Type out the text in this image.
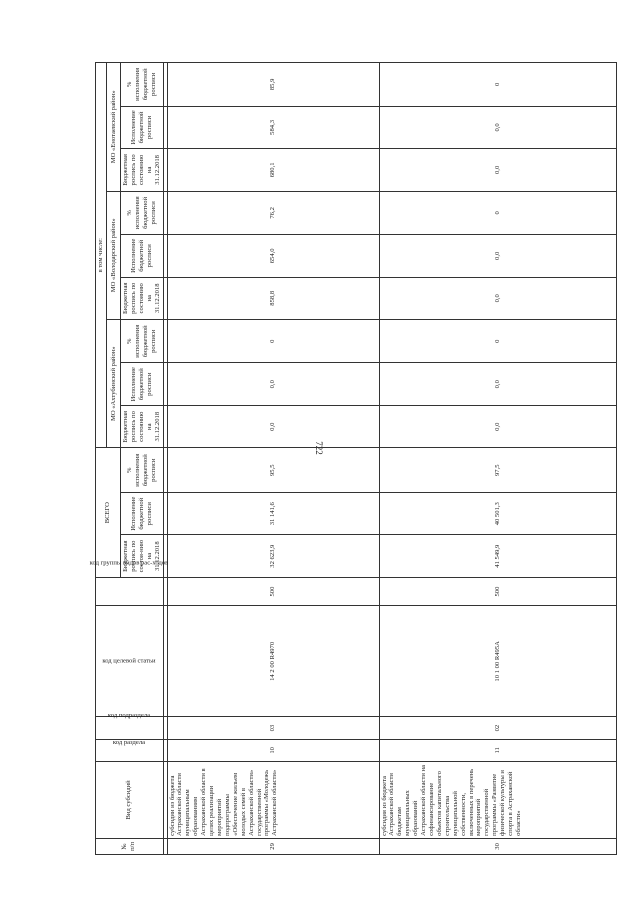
722
№ п/п	Вид субсидий	код раздела	код подраздела	код целевой статьи	код группы видов рас-ходов	ВСЕГО			в том числе:								
									МО «Ахтубинский район»			МО «Володарский район»			МО «Енотаевский район»		
						Бюджетная роспись по состоя-нию на 31.12.2018	Исполнение бюджетной росписи	% исполнения бюджетной росписи	Бюджетная роспись по состоянию на 31.12.2018	Исполнение бюджетной росписи	% исполнения бюджетной росписи	Бюджетная роспись по состоянию на 31.12.2018	Исполнение бюджетной росписи	% исполнения бюджетной росписи	Бюджетная роспись по состоянию на 31.12.2018	Исполнение бюджетной росписи	% исполнения бюджетной росписи

29	субсидии из бюджета Астраханской области муниципальным образованиям Астраханской области в целях реализации мероприятий подпрограммы «Обеспечение жильем молодых семей в Астраханской области» государственной программы «Молодежь Астраханской области»	10	03	14 2 00 R4970	500	32 623,9	31 141,6	95,5	0,0	0,0	0	858,8	654,0	76,2	680,1	584,3	85,9
30	субсидия из бюджета Астраханской области бюджетам муниципальных образований Астраханской области на софинансирование объектов капитального строительства муниципальной собственности, включенных в перечень мероприятий государственной программы «Развитие физической культуры и спорта в Астраханской области»	11	02	10 1 00 R495A	500	41 549,9	40 501,3	97,5	0,0	0,0	0	0,0	0,0	0	0,0	0,0	0
